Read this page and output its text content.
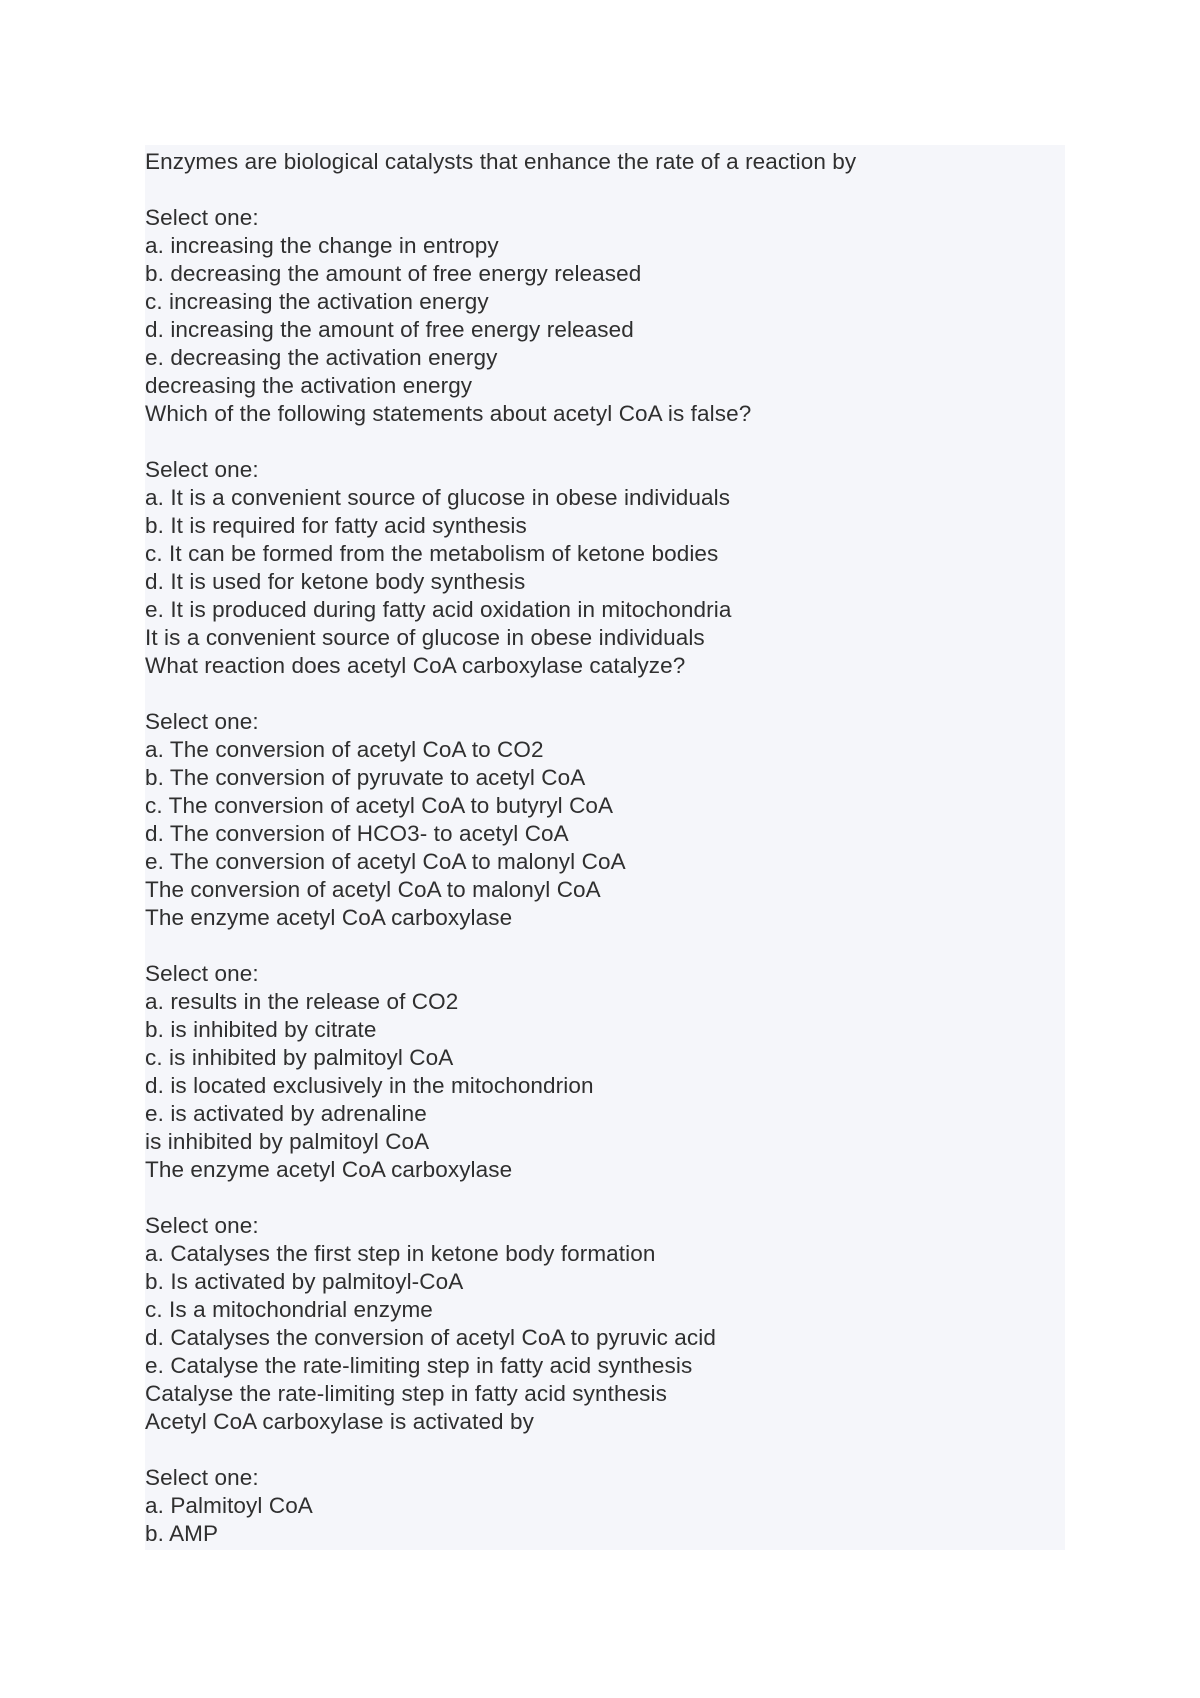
Enzymes are biological catalysts that enhance the rate of a reaction by
Select one:
a. increasing the change in entropy
b. decreasing the amount of free energy released
c. increasing the activation energy
d. increasing the amount of free energy released
e. decreasing the activation energy
decreasing the activation energy
Which of the following statements about acetyl CoA is false?
Select one:
a. It is a convenient source of glucose in obese individuals
b. It is required for fatty acid synthesis
c. It can be formed from the metabolism of ketone bodies
d. It is used for ketone body synthesis
e. It is produced during fatty acid oxidation in mitochondria
It is a convenient source of glucose in obese individuals
What reaction does acetyl CoA carboxylase catalyze?
Select one:
a. The conversion of acetyl CoA to CO2
b. The conversion of pyruvate to acetyl CoA
c. The conversion of acetyl CoA to butyryl CoA
d. The conversion of HCO3- to acetyl CoA
e. The conversion of acetyl CoA to malonyl CoA
The conversion of acetyl CoA to malonyl CoA
The enzyme acetyl CoA carboxylase
Select one:
a. results in the release of CO2
b. is inhibited by citrate
c. is inhibited by palmitoyl CoA
d. is located exclusively in the mitochondrion
e. is activated by adrenaline
is inhibited by palmitoyl CoA
The enzyme acetyl CoA carboxylase
Select one:
a. Catalyses the first step in ketone body formation
b. Is activated by palmitoyl-CoA
c. Is a mitochondrial enzyme
d. Catalyses the conversion of acetyl CoA to pyruvic acid
e. Catalyse the rate-limiting step in fatty acid synthesis
Catalyse the rate-limiting step in fatty acid synthesis
Acetyl CoA carboxylase is activated by
Select one:
a. Palmitoyl CoA
b. AMP
